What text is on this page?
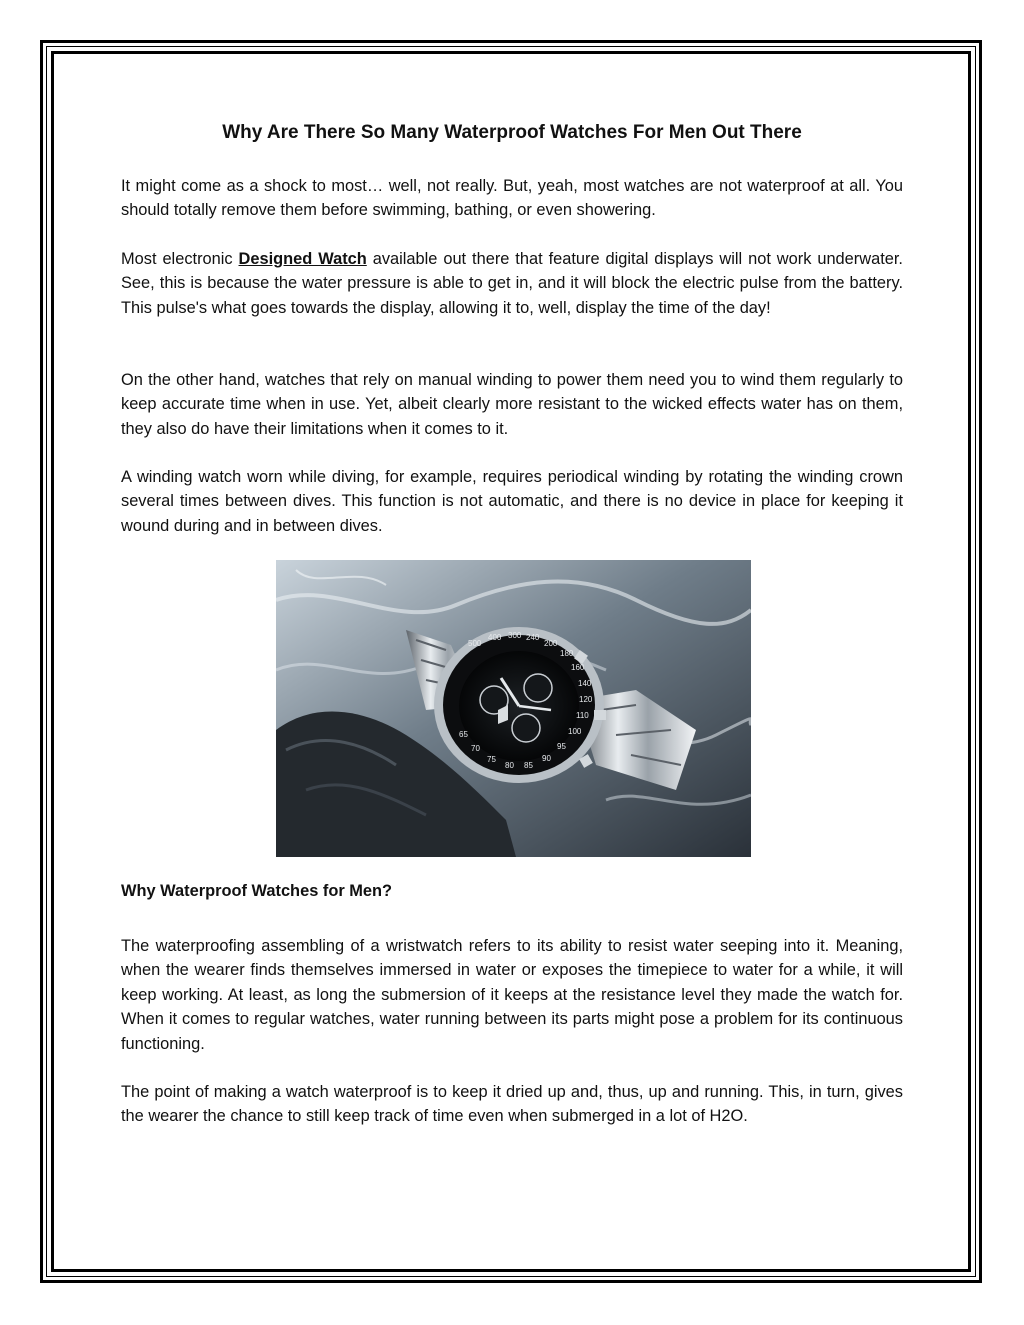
Why Are There So Many Waterproof Watches For Men Out There

It might come as a shock to most… well, not really. But, yeah, most watches are not waterproof at all. You should totally remove them before swimming, bathing, or even showering.

Most electronic Designed Watch available out there that feature digital displays will not work underwater. See, this is because the water pressure is able to get in, and it will block the electric pulse from the battery. This pulse's what goes towards the display, allowing it to, well, display the time of the day!

On the other hand, watches that rely on manual winding to power them need you to wind them regularly to keep accurate time when in use. Yet, albeit clearly more resistant to the wicked effects water has on them, they also do have their limitations when it comes to it.

A winding watch worn while diving, for example, requires periodical winding by rotating the winding crown several times between dives. This function is not automatic, and there is no device in place for keeping it wound during and in between dives.

Why Waterproof Watches for Men?

The waterproofing assembling of a wristwatch refers to its ability to resist water seeping into it. Meaning, when the wearer finds themselves immersed in water or exposes the timepiece to water for a while, it will keep working. At least, as long the submersion of it keeps at the resistance level they made the watch for. When it comes to regular watches, water running between its parts might pose a problem for its continuous functioning.

The point of making a watch waterproof is to keep it dried up and, thus, up and running. This, in turn, gives the wearer the chance to still keep track of time even when submerged in a lot of H2O.

500
400 300 240
200
180
160
140
120
110
100
95
90
85
80
75
70
65
